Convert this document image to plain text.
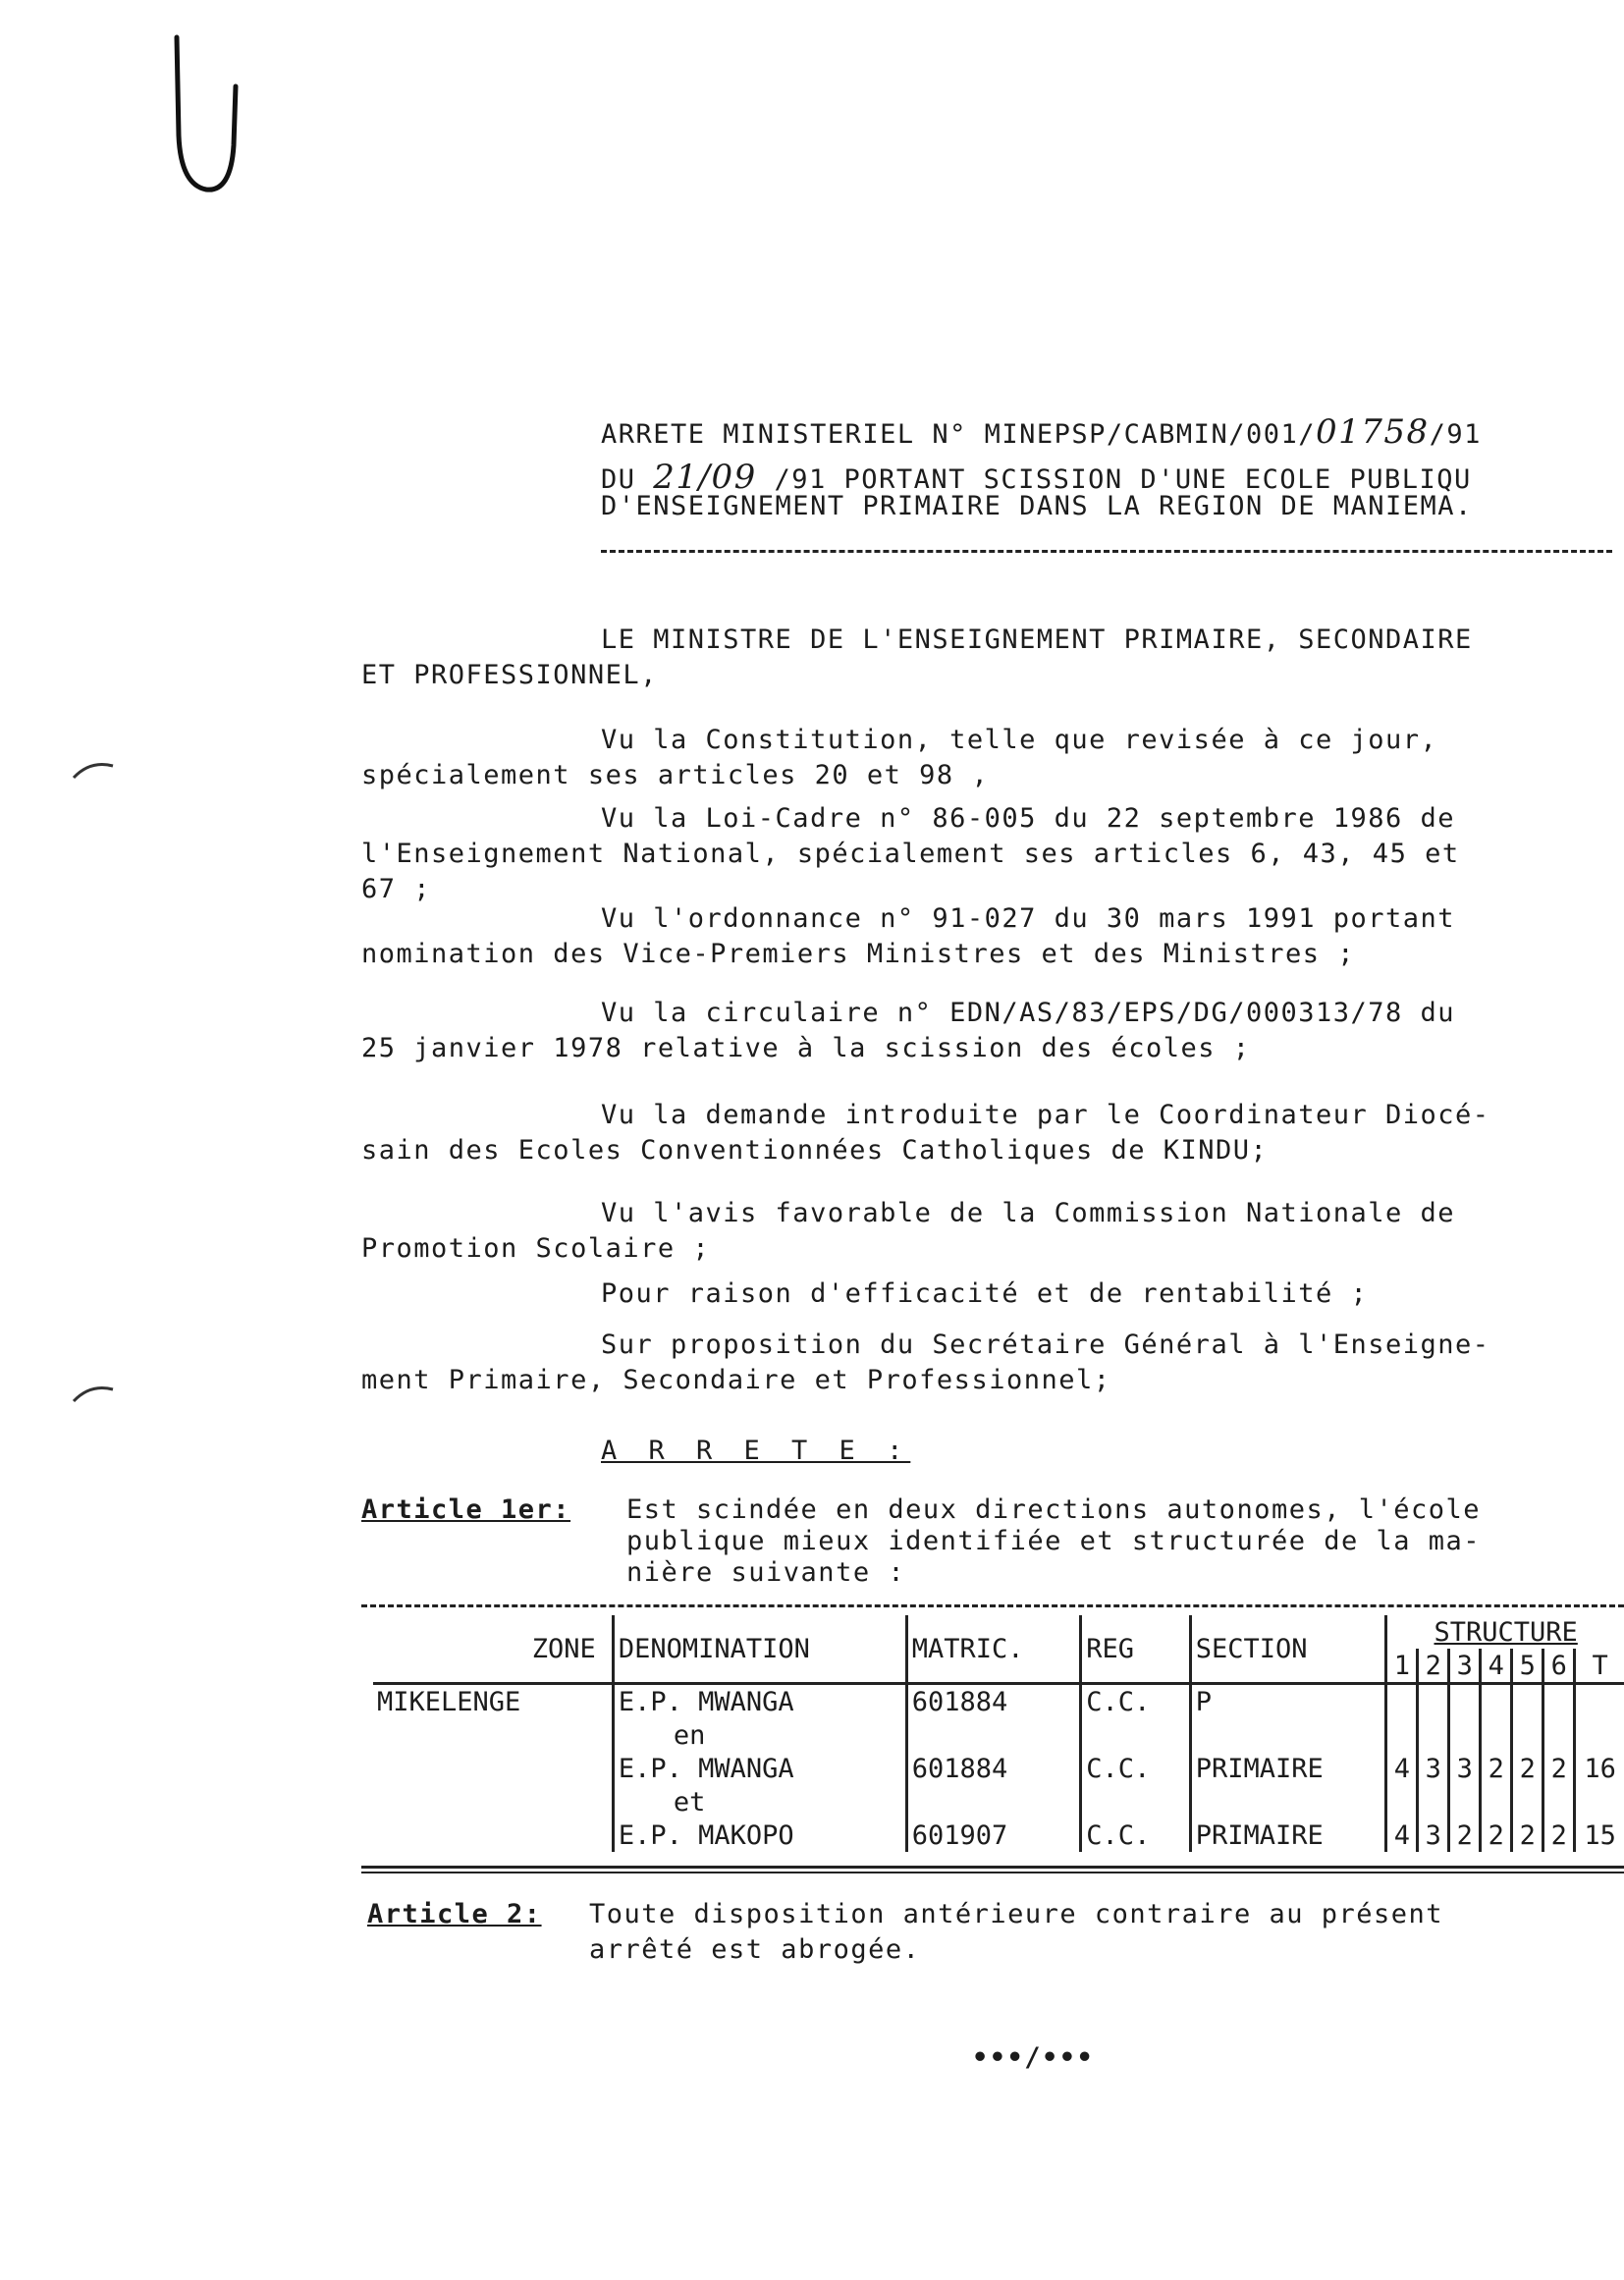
ARRETE MINISTERIEL N° MINEPSP/CABMIN/001/01758/91
DU 21/09 /91 PORTANT SCISSION D'UNE ECOLE PUBLIQU
D'ENSEIGNEMENT PRIMAIRE DANS LA REGION DE MANIEMA.
LE MINISTRE DE L'ENSEIGNEMENT PRIMAIRE, SECONDAIRE
ET PROFESSIONNEL,
Vu la Constitution, telle que revisée à ce jour,
spécialement ses articles 20 et 98 ,
Vu la Loi-Cadre n° 86-005 du 22 septembre 1986 de
l'Enseignement National, spécialement ses articles 6, 43, 45 et
67 ;
Vu l'ordonnance n° 91-027 du 30 mars 1991 portant
nomination des Vice-Premiers Ministres et des Ministres ;
Vu la circulaire n° EDN/AS/83/EPS/DG/000313/78 du
25 janvier 1978 relative à la scission des écoles ;
Vu la demande introduite par le Coordinateur Diocé-
sain des Ecoles Conventionnées Catholiques de KINDU;
Vu l'avis favorable de la Commission Nationale de
Promotion Scolaire ;
Pour raison d'efficacité et de rentabilité ;
Sur proposition du Secrétaire Général à l'Enseigne-
ment Primaire, Secondaire et Professionnel;
A R R E T E :
Article 1er: Est scindée en deux directions autonomes, l'école
publique mieux identifiée et structurée de la ma-
nière suivante :
ZONE	DENOMINATION	MATRIC.	REG	SECTION	STRUCTURE						
					1	2	3	4	5	6	T
MIKELENGE	E.P. MWANGA	601884	C.C.	P							
	en										
	E.P. MWANGA	601884	C.C.	PRIMAIRE	4	3	3	2	2	2	16
	et										
	E.P. MAKOPO	601907	C.C.	PRIMAIRE	4	3	2	2	2	2	15
Article 2: Toute disposition antérieure contraire au présent
arrêté est abrogée.
•••/•••
